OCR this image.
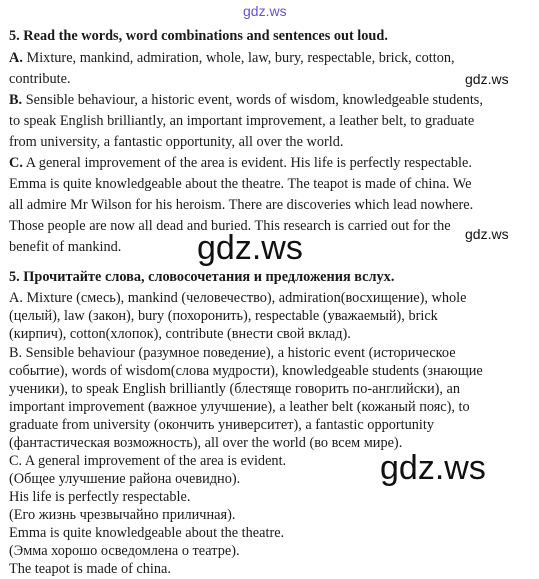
gdz.ws
gdz.ws
gdz.ws
gdz.ws
gdz.ws
5. Read the words, word combinations and sentences out loud.
A. Mixture, mankind, admiration, whole, law, bury, respectable, brick, cotton,
contribute.
B. Sensible behaviour, a historic event, words of wisdom, knowledgeable students,
to speak English brilliantly, an important improvement, a leather belt, to graduate
from university, a fantastic opportunity, all over the world.
C. A general improvement of the area is evident. His life is perfectly respectable.
Emma is quite knowledgeable about the theatre. The teapot is made of china. We
all admire Mr Wilson for his heroism. There are discoveries which lead nowhere.
Those people are now all dead and buried. This research is carried out for the
benefit of mankind.
5. Прочитайте слова, словосочетания и предложения вслух.
A. Mixture (смесь), mankind (человечество), admiration(восхищение), whole
(целый), law (закон), bury (похоронить), respectable (уважаемый), brick
(кирпич), cotton(хлопок), contribute (внести свой вклад).
B. Sensible behaviour (разумное поведение), a historic event (историческое
событие), words of wisdom(слова мудрости), knowledgeable students (знающие
ученики), to speak English brilliantly (блестяще говорить по-английски), an
important improvement (важное улучшение), a leather belt (кожаный пояс), to
graduate from university (окончить университет), a fantastic opportunity
(фантастическая возможность), all over the world (во всем мире).
C. A general improvement of the area is evident.
(Общее улучшение района очевидно).
His life is perfectly respectable.
(Его жизнь чрезвычайно приличная).
Emma is quite knowledgeable about the theatre.
(Эмма хорошо осведомлена о театре).
The teapot is made of china.
